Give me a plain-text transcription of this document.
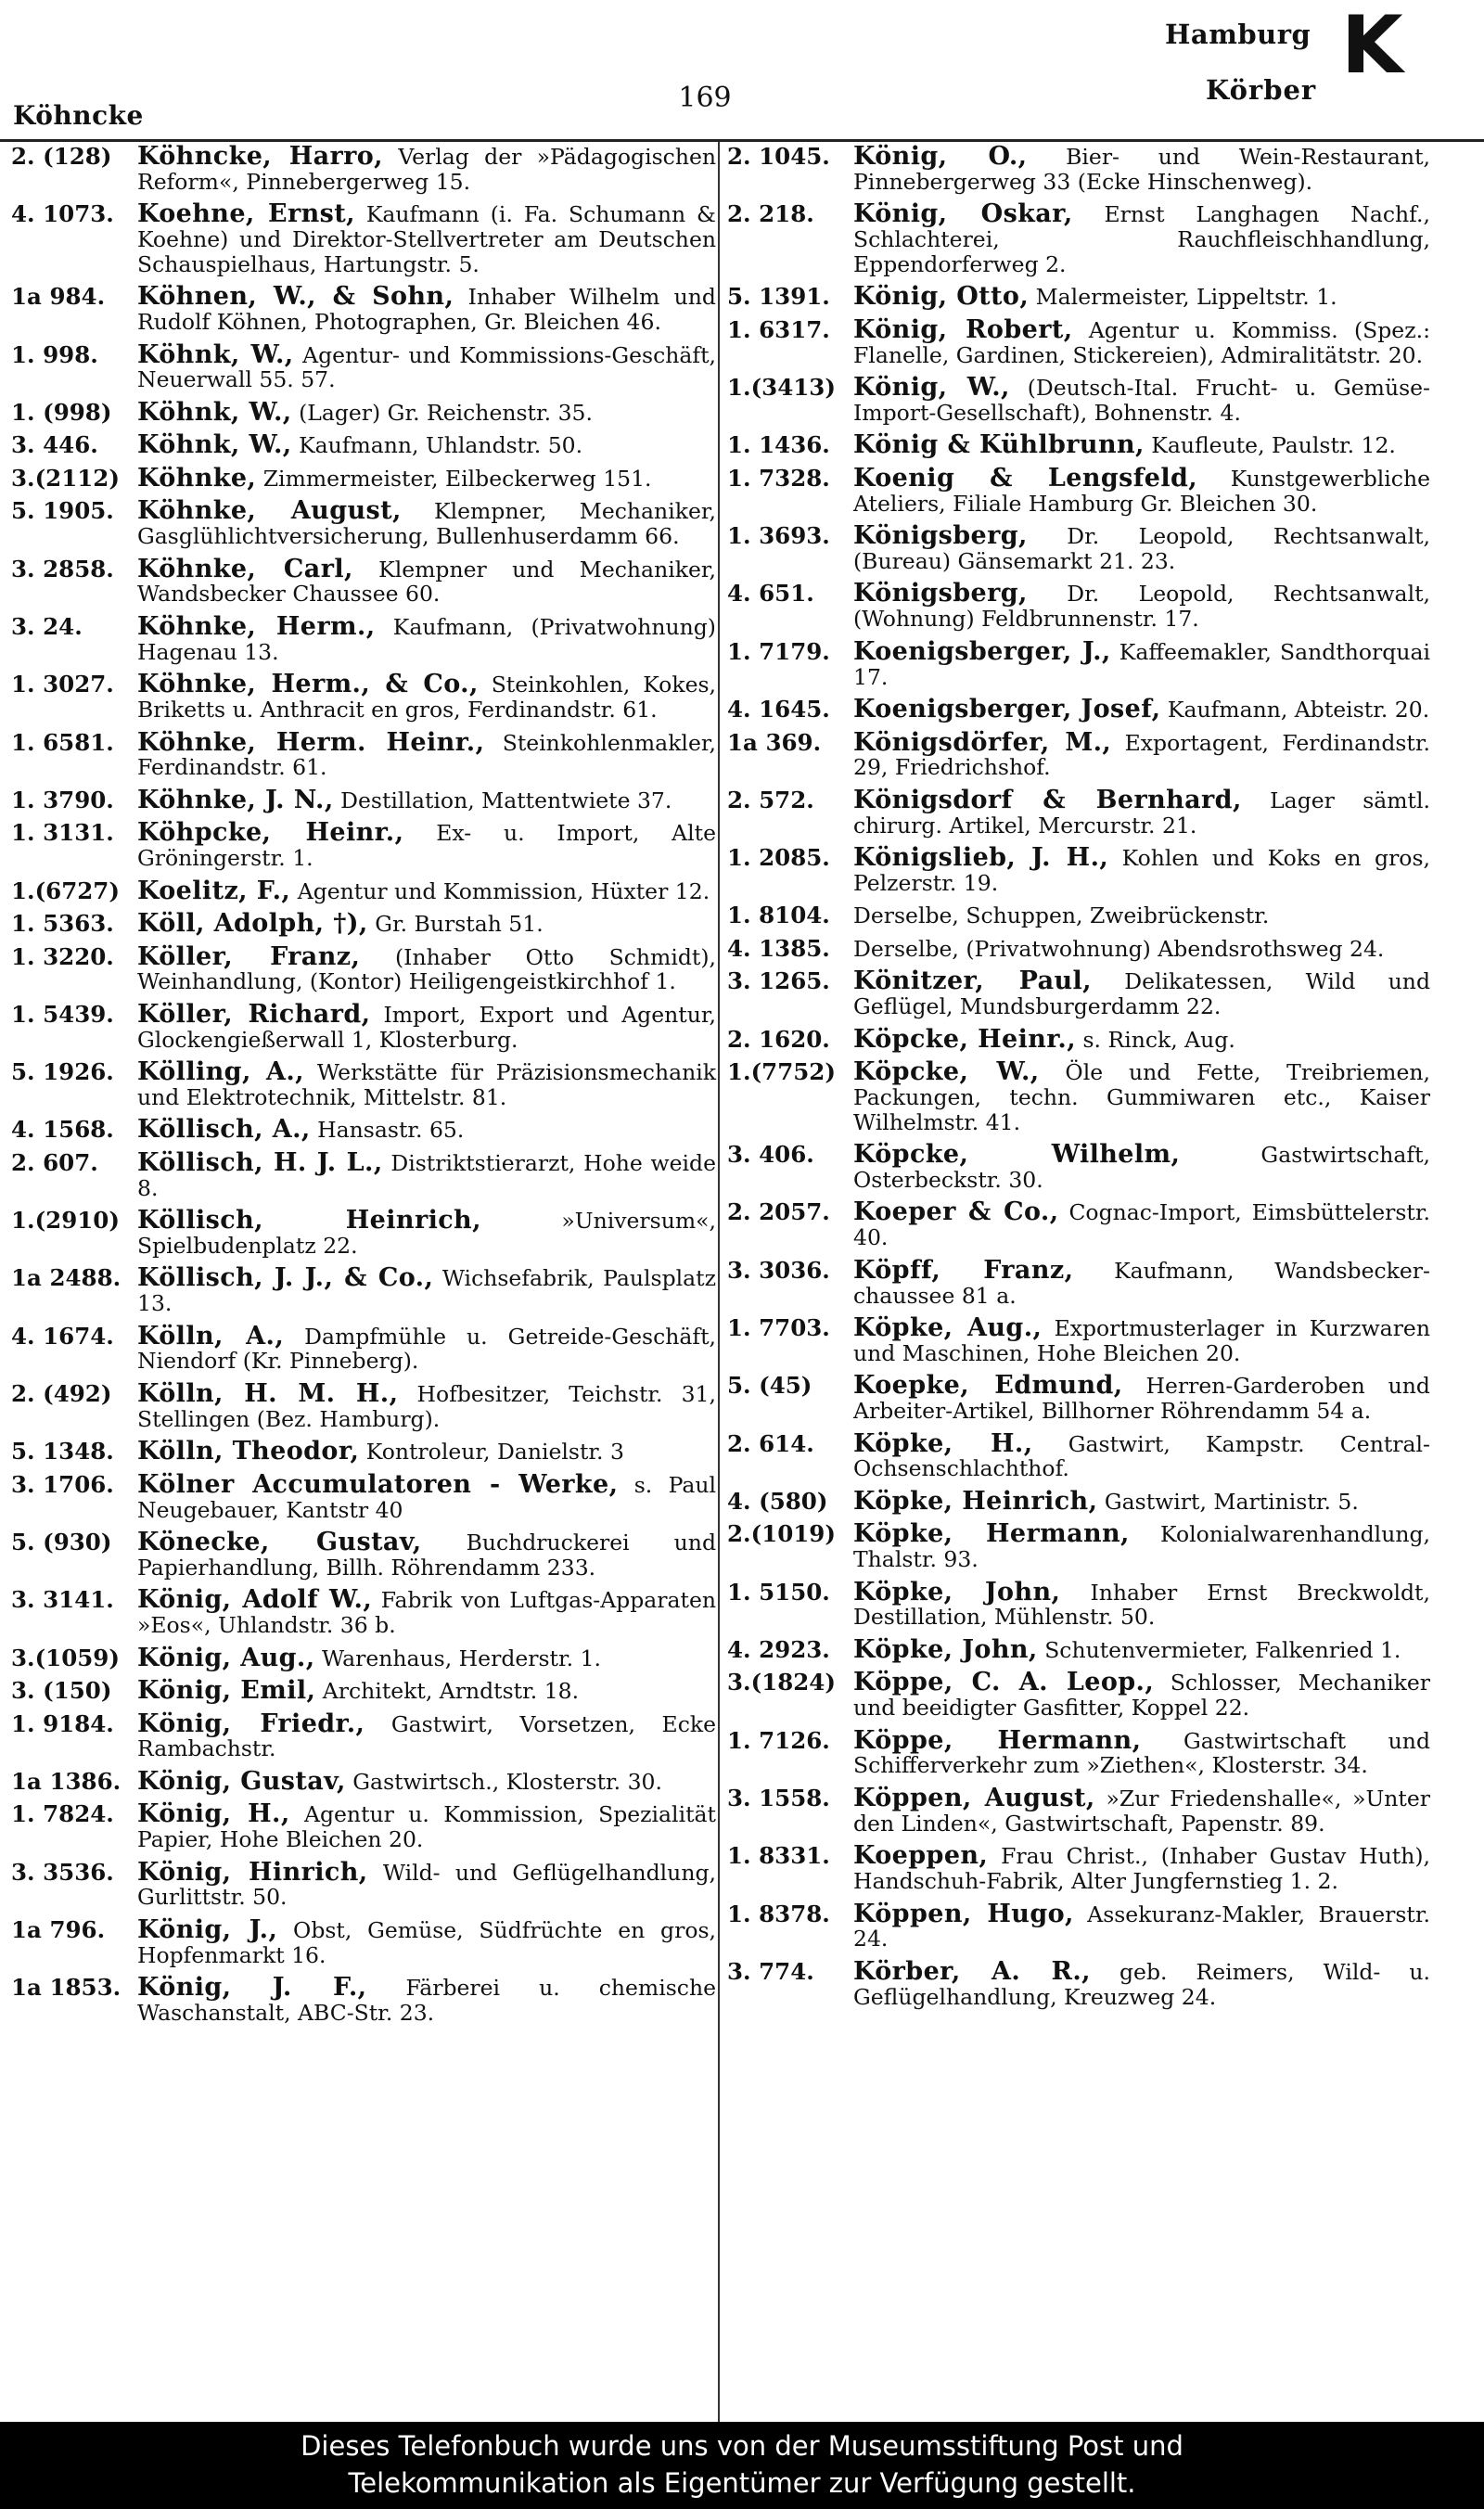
Köhncke
169
Hamburg
Körber K
2. (128)	Köhncke, Harro, Verlag der »Pädagogischen Reform«, Pinnebergerweg 15.
4. 1073. Koehne, Ernst, Kaufmann (i. Fa. Schumann & Koehne) und Direktor-Stellvertreter am Deutschen Schauspielhaus, Hartungstr. 5.
1a 984.	Köhnen, W., & Sohn, Inhaber Wilhelm und Rudolf Köhnen, Photographen, Gr. Bleichen 46.
1. 998.	Köhnk, W., Agentur- und Kommissions-Geschäft, Neuerwall 55. 57.
1. (998)	Köhnk, W., (Lager) Gr. Reichenstr. 35.
3. 446.	Köhnk, W., Kaufmann, Uhlandstr. 50.
3.(2112) Köhnke, Zimmermeister, Eilbeckerweg 151.
5. 1905. Köhnke, August, Klempner, Mechaniker, Gasglühlichtversicherung, Bullenhuserdamm 66.
3. 2858. Köhnke, Carl, Klempner und Mechaniker, Wandsbecker Chaussee 60.
3. 24.	Köhnke, Herm., Kaufmann, (Privatwohnung) Hagenau 13.
1. 3027. Köhnke, Herm., & Co., Steinkohlen, Kokes, Briketts u. Anthracit en gros, Ferdinandstr. 61.
1. 6581. Köhnke, Herm. Heinr., Steinkohlenmakler, Ferdinandstr. 61.
1. 3790. Köhnke, J. N., Destillation, Mattentwiete 37.
1. 3131. Köhpcke, Heinr., Ex- u. Import, Alte Gröningerstr. 1.
1.(6727) Koelitz, F., Agentur und Kommission, Hüxter 12.
1. 5363. Köll, Adolph, †), Gr. Burstah 51.
1. 3220. Köller, Franz, (Inhaber Otto Schmidt), Weinhandlung, (Kontor) Heiligengeistkirchhof 1.
1. 5439. Köller, Richard, Import, Export und Agentur, Glockengießerwall 1, Klosterburg.
5. 1926. Kölling, A., Werkstätte für Präzisionsmechanik und Elektrotechnik, Mittelstr. 81.
4. 1568. Köllisch, A., Hansastr. 65.
2. 607.	Köllisch, H. J. L., Distriktstierarzt, Hohe weide 8.
1.(2910) Köllisch, Heinrich,	»Universum«, Spielbudenplatz 22.
1a 2488. Köllisch, J. J., & Co., Wichsefabrik, Paulsplatz 13.
4. 1674. Kölln, A., Dampfmühle u. Getreide-Geschäft, Niendorf (Kr. Pinneberg).
2. (492)	Kölln, H. M. H., Hofbesitzer, Teichstr. 31, Stellingen (Bez. Hamburg).
5. 1348. Kölln, Theodor, Kontroleur, Danielstr. 3
3. 1706. Kölner Accumulatoren - Werke, s. Paul Neugebauer, Kantstr 40
5. (930)	Könecke, Gustav, Buchdruckerei und Papierhandlung, Billh. Röhrendamm 233.
3. 3141. König, Adolf W., Fabrik von Luftgas-Apparaten »Eos«, Uhlandstr. 36 b.
3.(1059) König, Aug., Warenhaus, Herderstr. 1.
3. (150)	König, Emil, Architekt, Arndtstr. 18.
1. 9184. König, Friedr., Gastwirt, Vorsetzen, Ecke Rambachstr.
1a 1386. König, Gustav, Gastwirtsch., Klosterstr. 30.
1. 7824. König, H., Agentur u. Kommission, Spezialität Papier, Hohe Bleichen 20.
3. 3536. König, Hinrich, Wild- und Geflügelhandlung, Gurlittstr. 50.
1a 796.	König, J., Obst, Gemüse, Südfrüchte en gros, Hopfenmarkt 16.
1a 1853. König, J. F., Färberei u. chemische Waschanstalt, ABC-Str. 23.
2. 1045. König, O., Bier- und Wein-Restaurant, Pinnebergerweg 33 (Ecke Hinschenweg).
2. 218.	König, Oskar, Ernst Langhagen Nachf., Schlachterei, Rauchfleischhandlung, Eppendorferweg 2.
5. 1391. König, Otto, Malermeister, Lippeltstr. 1.
1. 6317. König, Robert, Agentur u. Kommiss. (Spez.: Flanelle, Gardinen, Stickereien), Admiralitätstr. 20.
1.(3413) König, W., (Deutsch-Ital. Frucht- u. Gemüse-Import-Gesellschaft), Bohnenstr. 4.
1. 1436. König & Kühlbrunn, Kaufleute, Paulstr. 12.
1. 7328. Koenig & Lengsfeld, Kunstgewerbliche Ateliers, Filiale Hamburg Gr. Bleichen 30.
1. 3693. Königsberg, Dr. Leopold, Rechtsanwalt, (Bureau) Gänsemarkt 21. 23.
4. 651.	Königsberg, Dr. Leopold, Rechtsanwalt, (Wohnung) Feldbrunnenstr. 17.
1. 7179. Koenigsberger, J., Kaffeemakler, Sandthorquai 17.
4. 1645. Koenigsberger, Josef, Kaufmann, Abteistr. 20.
1a 369.	Königsdörfer, M., Exportagent, Ferdinandstr. 29, Friedrichshof.
2. 572.	Königsdorf & Bernhard, Lager sämtl. chirurg. Artikel, Mercurstr. 21.
1. 2085. Königslieb, J. H., Kohlen und Koks en gros, Pelzerstr. 19.
1. 8104.	Derselbe, Schuppen, Zweibrückenstr.
4. 1385.	Derselbe, (Privatwohnung) Abendsrothsweg 24.
3. 1265. Könitzer, Paul, Delikatessen, Wild und Geflügel, Mundsburgerdamm 22.
2. 1620. Köpcke, Heinr., s. Rinck, Aug.
1.(7752) Köpcke, W., Öle und Fette, Treibriemen, Packungen, techn. Gummiwaren etc., Kaiser Wilhelmstr. 41.
3. 406.	Köpcke, Wilhelm,	Gastwirtschaft, Osterbeckstr. 30.
2. 2057. Koeper & Co., Cognac-Import, Eimsbüttelerstr. 40.
3. 3036. Köpff, Franz, Kaufmann, Wandsbecker-chaussee 81 a.
1. 7703. Köpke, Aug., Exportmusterlager in Kurzwaren und Maschinen, Hohe Bleichen 20.
5. (45)	Koepke, Edmund, Herren-Garderoben und Arbeiter-Artikel, Billhorner Röhrendamm 54 a.
2. 614.	Köpke, H., Gastwirt, Kampstr. Central-Ochsenschlachthof.
4. (580)	Köpke, Heinrich, Gastwirt, Martinistr. 5.
2.(1019) Köpke, Hermann, Kolonialwarenhandlung, Thalstr. 93.
1. 5150. Köpke, John, Inhaber Ernst Breckwoldt, Destillation, Mühlenstr. 50.
4. 2923. Köpke, John, Schutenvermieter, Falkenried 1.
3.(1824) Köppe, C. A. Leop., Schlosser, Mechaniker und beeidigter Gasfitter, Koppel 22.
1. 7126. Köppe, Hermann, Gastwirtschaft und Schifferverkehr zum »Ziethen«, Klosterstr. 34.
3. 1558. Köppen, August, »Zur Friedenshalle«, »Unter den Linden«, Gastwirtschaft, Papenstr. 89.
1. 8331. Koeppen, Frau Christ., (Inhaber Gustav Huth), Handschuh-Fabrik, Alter Jungfernstieg 1. 2.
1. 8378. Köppen, Hugo, Assekuranz-Makler, Brauerstr. 24.
3. 774.	Körber, A. R., geb. Reimers, Wild- u. Geflügelhandlung, Kreuzweg 24.
Dieses Telefonbuch wurde uns von der Museumsstiftung Post und
Telekommunikation als Eigentümer zur Verfügung gestellt.
